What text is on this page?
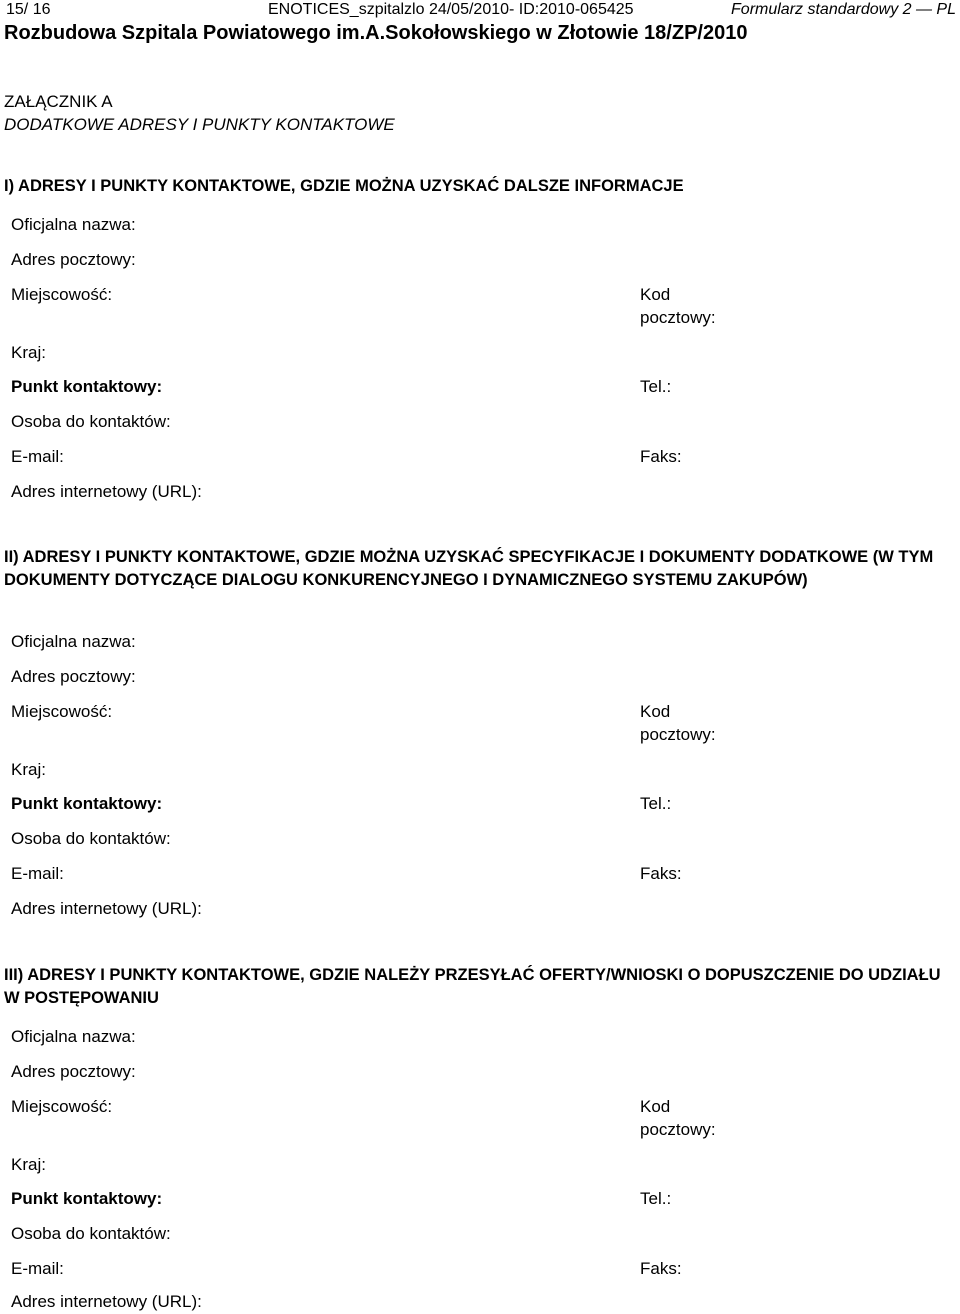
15/ 16	ENOTICES_szpitalzlo 24/05/2010- ID:2010-065425	Formularz standardowy 2 — PL
Rozbudowa Szpitala Powiatowego im.A.Sokołowskiego w Złotowie 18/ZP/2010
ZAŁĄCZNIK A
DODATKOWE ADRESY I PUNKTY KONTAKTOWE
I) ADRESY I PUNKTY KONTAKTOWE, GDZIE MOŻNA UZYSKAĆ DALSZE INFORMACJE
Oficjalna nazwa:
Adres pocztowy:
Miejscowość:	Kod
pocztowy:
Kraj:
Punkt kontaktowy:	Tel.:
Osoba do kontaktów:
E-mail:	Faks:
Adres internetowy (URL):
II) ADRESY I PUNKTY KONTAKTOWE, GDZIE MOŻNA UZYSKAĆ SPECYFIKACJE I DOKUMENTY DODATKOWE (W TYM DOKUMENTY DOTYCZĄCE DIALOGU KONKURENCYJNEGO I DYNAMICZNEGO SYSTEMU ZAKUPÓW)
Oficjalna nazwa:
Adres pocztowy:
Miejscowość:	Kod
pocztowy:
Kraj:
Punkt kontaktowy:	Tel.:
Osoba do kontaktów:
E-mail:	Faks:
Adres internetowy (URL):
III) ADRESY I PUNKTY KONTAKTOWE, GDZIE NALEŻY PRZESYŁAĆ OFERTY/WNIOSKI O DOPUSZCZENIE DO UDZIAŁU W POSTĘPOWANIU
Oficjalna nazwa:
Adres pocztowy:
Miejscowość:	Kod
pocztowy:
Kraj:
Punkt kontaktowy:	Tel.:
Osoba do kontaktów:
E-mail:	Faks:
Adres internetowy (URL):
